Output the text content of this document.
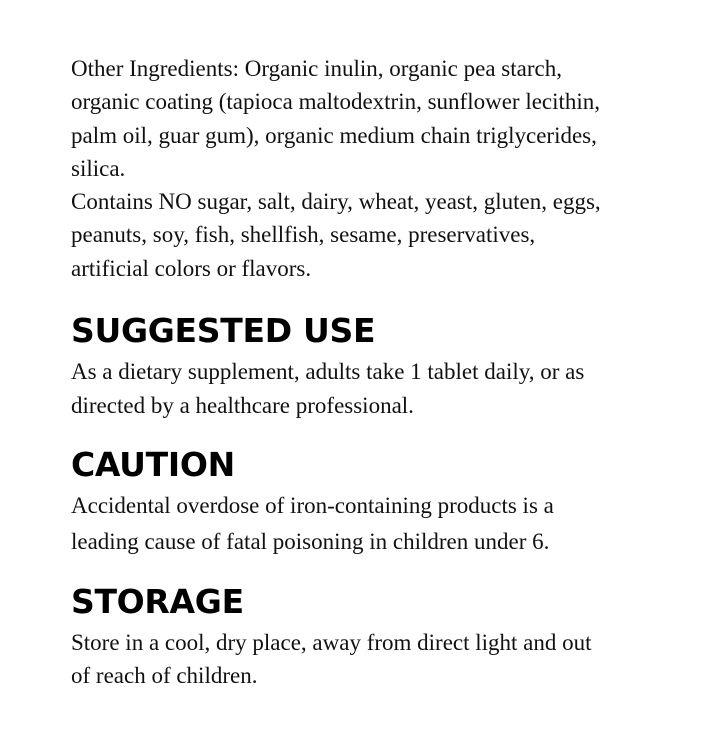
Other Ingredients: Organic inulin, organic pea starch,
organic coating (tapioca maltodextrin, sunflower lecithin,
palm oil, guar gum), organic medium chain triglycerides,
silica.
Contains NO sugar, salt, dairy, wheat, yeast, gluten, eggs,
peanuts, soy, fish, shellfish, sesame, preservatives,
artificial colors or flavors.

SUGGESTED USE

As a dietary supplement, adults take 1 tablet daily, or as
directed by a healthcare professional.

CAUTION

Accidental overdose of iron-containing products is a
leading cause of fatal poisoning in children under 6.

STORAGE

Store in a cool, dry place, away from direct light and out
of reach of children.
